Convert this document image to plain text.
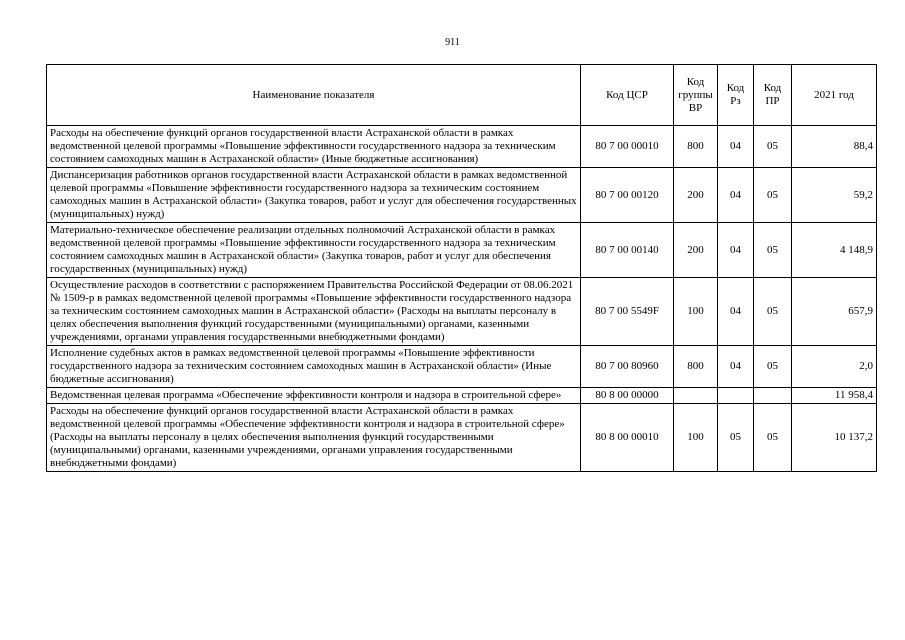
911
Наименование показателя	Код ЦСР	Код группы ВР	Код Рз	Код ПР	2021 год
Расходы на обеспечение функций органов государственной власти Астраханской области в рамках ведомственной целевой программы «Повышение эффективности государственного надзора за техническим состоянием самоходных машин в Астраханской области» (Иные бюджетные ассигнования)	80 7 00 00010	800	04	05	88,4
Диспансеризация работников органов государственной власти Астраханской области в рамках ведомственной целевой программы «Повышение эффективности государственного надзора за техническим состоянием самоходных машин в Астраханской области» (Закупка товаров, работ и услуг для обеспечения государственных (муниципальных) нужд)	80 7 00 00120	200	04	05	59,2
Материально-техническое обеспечение реализации отдельных полномочий Астраханской области в рамках ведомственной целевой программы «Повышение эффективности государственного надзора за техническим состоянием самоходных машин в Астраханской области» (Закупка товаров, работ и услуг для обеспечения государственных (муниципальных) нужд)	80 7 00 00140	200	04	05	4 148,9
Осуществление расходов в соответствии с распоряжением Правительства Российской Федерации от 08.06.2021 № 1509-р в рамках ведомственной целевой программы «Повышение эффективности государственного надзора за техническим состоянием самоходных машин в Астраханской области» (Расходы на выплаты персоналу в целях обеспечения выполнения функций государственными (муниципальными) органами, казенными учреждениями, органами управления государственными внебюджетными фондами)	80 7 00 5549F	100	04	05	657,9
Исполнение судебных актов в рамках ведомственной целевой программы «Повышение эффективности государственного надзора за техническим состоянием самоходных машин в Астраханской области» (Иные бюджетные ассигнования)	80 7 00 80960	800	04	05	2,0
Ведомственная целевая программа «Обеспечение эффективности контроля и надзора в строительной сфере»	80 8 00 00000				11 958,4
Расходы на обеспечение функций органов государственной власти Астраханской области в рамках ведомственной целевой программы «Обеспечение эффективности контроля и надзора в строительной сфере» (Расходы на выплаты персоналу в целях обеспечения выполнения функций государственными (муниципальными) органами, казенными учреждениями, органами управления государственными внебюджетными фондами)	80 8 00 00010	100	05	05	10 137,2
